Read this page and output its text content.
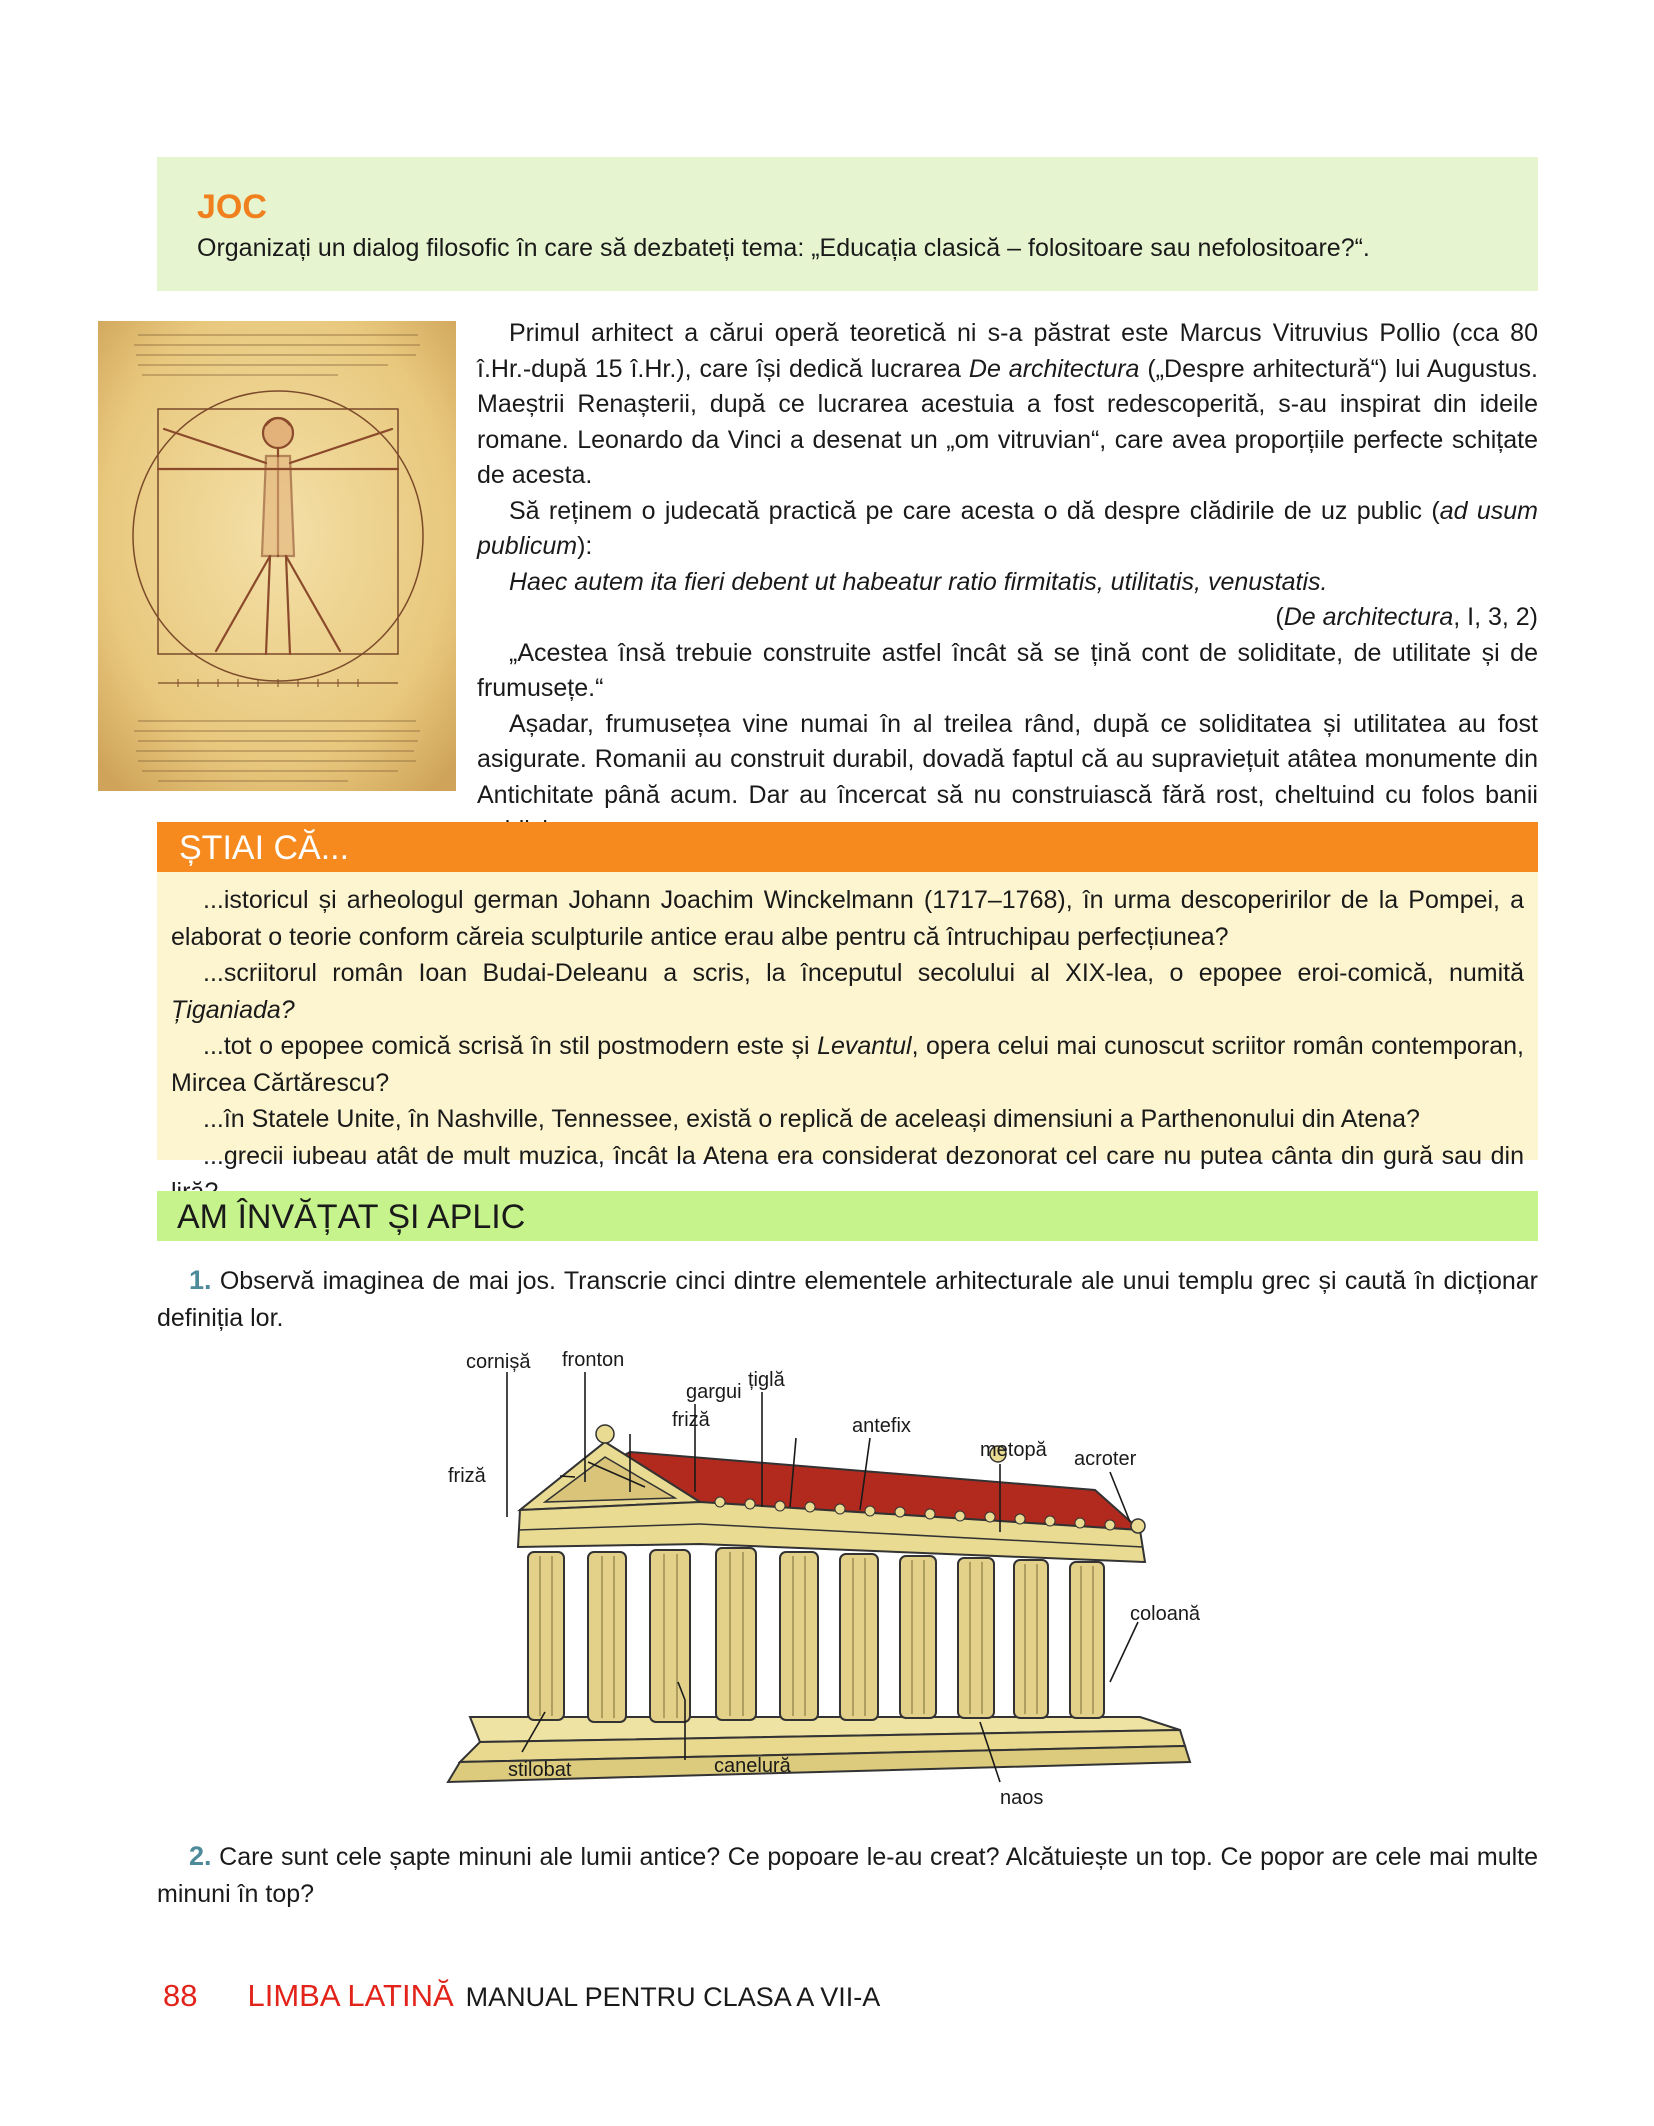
JOC
Organizați un dialog filosofic în care să dezbateți tema: „Educația clasică – folositoare sau nefolositoare?“.

Primul arhitect a cărui operă teoretică ni s-a păstrat este Marcus Vitruvius Pollio (cca 80 î.Hr.-după 15 î.Hr.), care își dedică lucrarea De architectura („Despre arhitectură“) lui Augustus. Maeștrii Renașterii, după ce lucrarea acestuia a fost redescoperită, s-au inspirat din ideile romane. Leonardo da Vinci a desenat un „om vitruvian“, care avea proporțiile perfecte schițate de acesta.

Să reținem o judecată practică pe care acesta o dă despre clădirile de uz public (ad usum publicum):

Haec autem ita fieri debent ut habeatur ratio firmitatis, utilitatis, venustatis.

(De architectura, I, 3, 2)

„Acestea însă trebuie construite astfel încât să se țină cont de soliditate, de utilitate și de frumusețe.“

Așadar, frumusețea vine numai în al treilea rând, după ce soliditatea și utilitatea au fost asigurate. Romanii au construit durabil, dovadă faptul că au supraviețuit atâtea monumente din Antichitate până acum. Dar au încercat să nu construiască fără rost, cheltuind cu folos banii

ȘTIAI CĂ...

...istoricul și arheologul german Johann Joachim Winckelmann (1717–1768), în urma descoperirilor de la Pompei, a elaborat o teorie conform căreia sculpturile antice erau albe pentru că întruchipau perfecțiunea?

...scriitorul român Ioan Budai-Deleanu a scris, la începutul secolului al XIX-lea, o epopee eroi-comică, numită Țiganiada?

...tot o epopee comică scrisă în stil postmodern este și Levantul, opera celui mai cunoscut scriitor român contemporan, Mircea Cărtărescu?

...în Statele Unite, în Nashville, Tennessee, există o replică de aceleași dimensiuni a Parthenonului din Atena?

...grecii iubeau atât de mult muzica, încât la Atena era considerat dezonorat cel care nu putea cânta din gură sau din

AM ÎNVĂȚAT ȘI APLIC
1. Observă imaginea de mai jos. Transcrie cinci dintre elementele arhitecturale ale unui templu grec și caută în dicționar definiția lor.
cornișă fronton
țiglă
gargui
friză	antefix
metopă acroter
friză
coloană
stilobat	canelură
naos
2. Care sunt cele șapte minuni ale lumii antice? Ce popoare le-au creat? Alcătuiește un top. Ce popor are cele mai multe minuni în top?
88 LIMBA LATINĂ MANUAL PENTRU CLASA A VII-A
